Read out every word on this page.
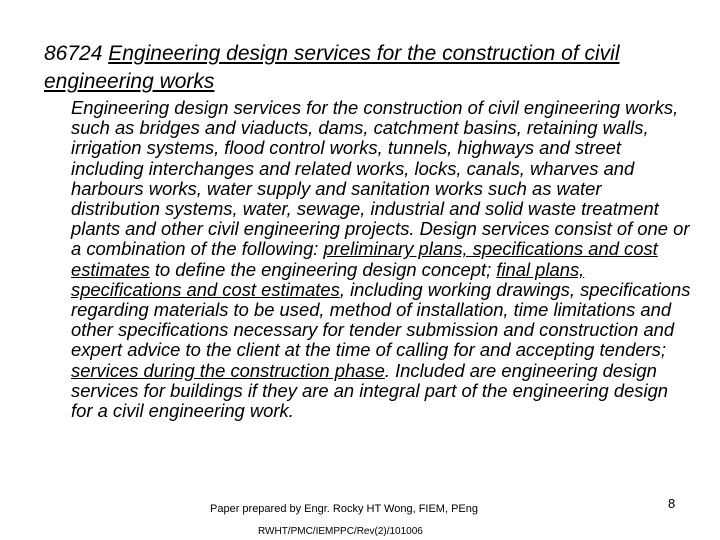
86724 Engineering design services for the construction of civil engineering works

Engineering design services for the construction of civil engineering works, such as bridges and viaducts, dams, catchment basins, retaining walls, irrigation systems, flood control works, tunnels, highways and street including interchanges and related works, locks, canals, wharves and harbours works, water supply and sanitation works such as water distribution systems, water, sewage, industrial and solid waste treatment plants and other civil engineering projects. Design services consist of one or a combination of the following: preliminary plans, specifications and cost estimates to define the engineering design concept; final plans, specifications and cost estimates, including working drawings, specifications regarding materials to be used, method of installation, time limitations and other specifications necessary for tender submission and construction and expert advice to the client at the time of calling for and accepting tenders; services during the construction phase. Included are engineering design services for buildings if they are an integral part of the engineering design for a civil engineering work.

Paper prepared by Engr. Rocky HT Wong, FIEM, PEng
RWHT/PMC/IEMPPC/Rev(2)/101006
8
